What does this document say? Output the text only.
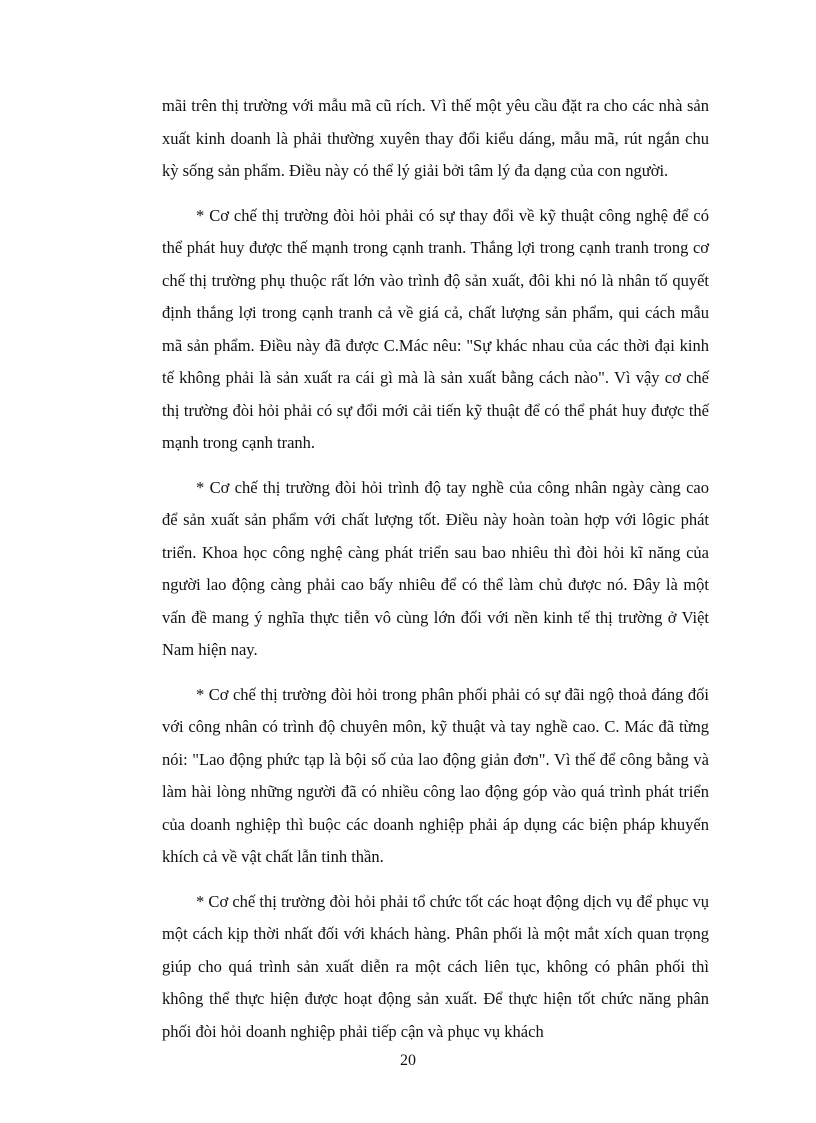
mãi trên thị trường với mẫu mã cũ rích. Vì thế một yêu cầu đặt ra cho các nhà sản xuất kinh doanh là phải thường xuyên thay đổi kiểu dáng, mẫu mã, rút ngắn chu kỳ sống sản phẩm. Điều này có thể lý giải bởi tâm lý đa dạng của con người.

* Cơ chế thị trường đòi hỏi phải có sự thay đổi về kỹ thuật công nghệ để có thể phát huy được thế mạnh trong cạnh tranh. Thắng lợi trong cạnh tranh trong cơ chế thị trường phụ thuộc rất lớn vào trình độ sản xuất, đôi khi nó là nhân tố quyết định thắng lợi trong cạnh tranh cả về giá cả, chất lượng sản phẩm, qui cách mẫu mã sản phẩm. Điều này đã được C.Mác nêu: "Sự khác nhau của các thời đại kinh tế không phải là sản xuất ra cái gì mà là sản xuất bằng cách nào". Vì vậy cơ chế thị trường đòi hỏi phải có sự đổi mới cải tiến kỹ thuật để có thể phát huy được thế mạnh trong cạnh tranh.

* Cơ chế thị trường đòi hỏi trình độ tay nghề của công nhân ngày càng cao để sản xuất sản phẩm với chất lượng tốt. Điều này hoàn toàn hợp với lôgic phát triển. Khoa học công nghệ càng phát triển sau bao nhiêu thì đòi hỏi kĩ năng của người lao động càng phải cao bấy nhiêu để có thể làm chủ được nó. Đây là một vấn đề mang ý nghĩa thực tiễn vô cùng lớn đối với nền kinh tế thị trường ở Việt Nam hiện nay.

* Cơ chế thị trường đòi hỏi trong phân phối phải có sự đãi ngộ thoả đáng đối với công nhân có trình độ chuyên môn, kỹ thuật và tay nghề cao. C. Mác đã từng nói: "Lao động phức tạp là bội số của lao động giản đơn". Vì thế để công bằng và làm hài lòng những người đã có nhiều công lao động góp vào quá trình phát triển của doanh nghiệp thì buộc các doanh nghiệp phải áp dụng các biện pháp khuyến khích cả về vật chất lẫn tinh thần.

* Cơ chế thị trường đòi hỏi phải tổ chức tốt các hoạt động dịch vụ để phục vụ một cách kịp thời nhất đối với khách hàng. Phân phối là một mắt xích quan trọng giúp cho quá trình sản xuất diễn ra một cách liên tục, không có phân phối thì không thể thực hiện được hoạt động sản xuất. Để thực hiện tốt chức năng phân phối đòi hỏi doanh nghiệp phải tiếp cận và phục vụ khách

20
